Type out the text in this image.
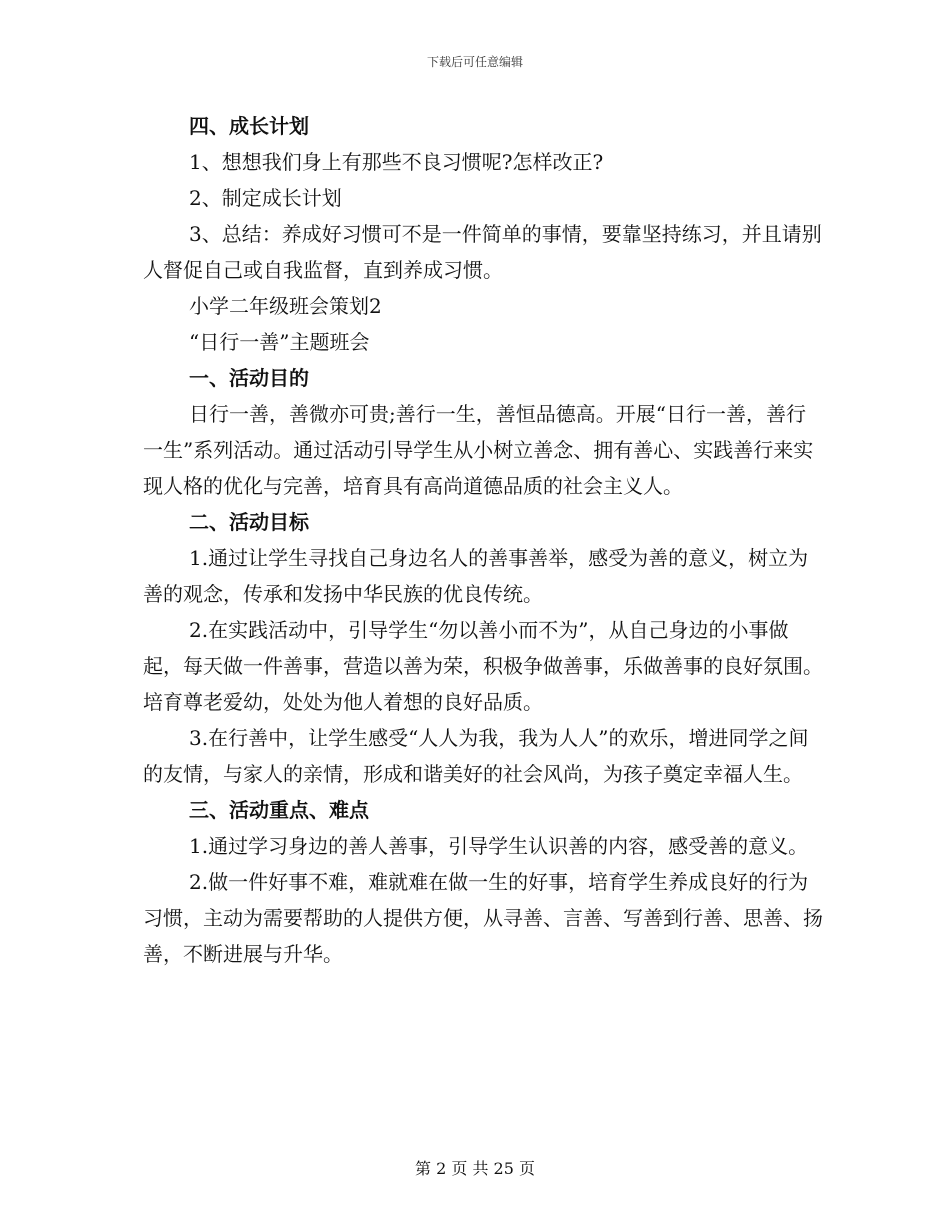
下载后可任意编辑

四、成长计划

1、想想我们身上有那些不良习惯呢?怎样改正?

2、制定成长计划

3、总结：养成好习惯可不是一件简单的事情，要靠坚持练习，并且请别人督促自己或自我监督，直到养成习惯。

小学二年级班会策划2

“日行一善”主题班会

一、活动目的

日行一善，善微亦可贵;善行一生，善恒品德高。开展“日行一善，善行一生”系列活动。通过活动引导学生从小树立善念、拥有善心、实践善行来实现人格的优化与完善，培育具有高尚道德品质的社会主义人。

二、活动目标

1.通过让学生寻找自己身边名人的善事善举，感受为善的意义，树立为善的观念，传承和发扬中华民族的优良传统。

2.在实践活动中，引导学生“勿以善小而不为”，从自己身边的小事做起，每天做一件善事，营造以善为荣，积极争做善事，乐做善事的良好氛围。培育尊老爱幼，处处为他人着想的良好品质。

3.在行善中，让学生感受“人人为我，我为人人”的欢乐，增进同学之间的友情，与家人的亲情，形成和谐美好的社会风尚，为孩子奠定幸福人生。

三、活动重点、难点

1.通过学习身边的善人善事，引导学生认识善的内容，感受善的意义。

2.做一件好事不难，难就难在做一生的好事，培育学生养成良好的行为习惯，主动为需要帮助的人提供方便，从寻善、言善、写善到行善、思善、扬善，不断进展与升华。

第 2 页 共 25 页
